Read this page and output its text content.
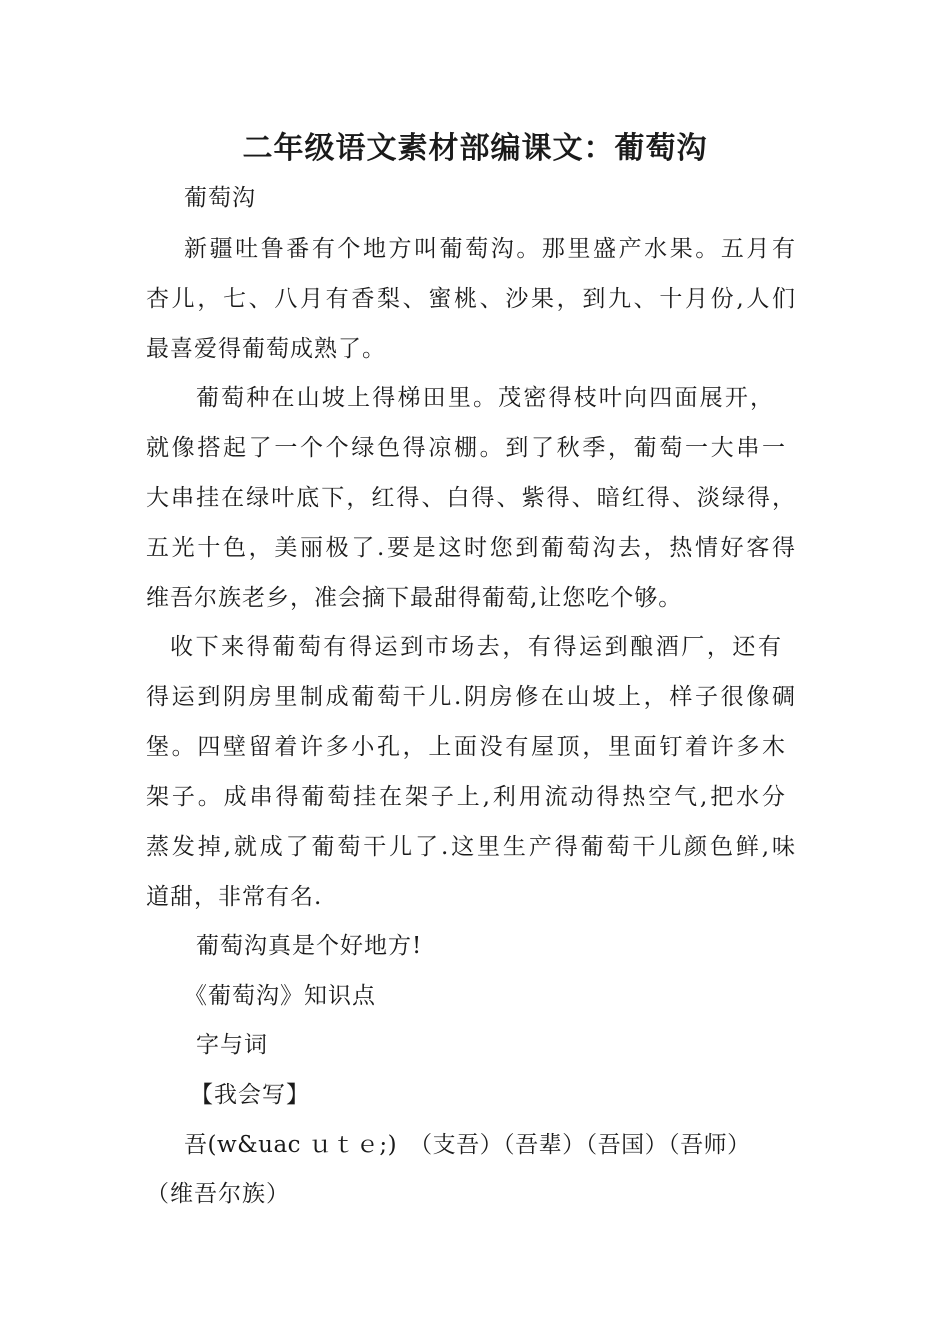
二年级语文素材部编课文：葡萄沟
葡萄沟
新疆吐鲁番有个地方叫葡萄沟。那里盛产水果。五月有
杏儿，七、八月有香梨、蜜桃、沙果，到九、十月份,人们
最喜爱得葡萄成熟了。
葡萄种在山坡上得梯田里。茂密得枝叶向四面展开，
就像搭起了一个个绿色得凉棚。到了秋季，葡萄一大串一
大串挂在绿叶底下，红得、白得、紫得、暗红得、淡绿得，
五光十色，美丽极了.要是这时您到葡萄沟去，热情好客得
维吾尔族老乡，准会摘下最甜得葡萄,让您吃个够。
收下来得葡萄有得运到市场去，有得运到酿酒厂，还有
得运到阴房里制成葡萄干儿.阴房修在山坡上，样子很像碉
堡。四壁留着许多小孔，上面没有屋顶，里面钉着许多木
架子。成串得葡萄挂在架子上,利用流动得热空气,把水分
蒸发掉,就成了葡萄干儿了.这里生产得葡萄干儿颜色鲜,味
道甜，非常有名.
葡萄沟真是个好地方!
《葡萄沟》知识点
字与词
【我会写】
吾(w&uac ｕｔｅ;)　（支吾）（吾辈）（吾国）（吾师）
（维吾尔族）
